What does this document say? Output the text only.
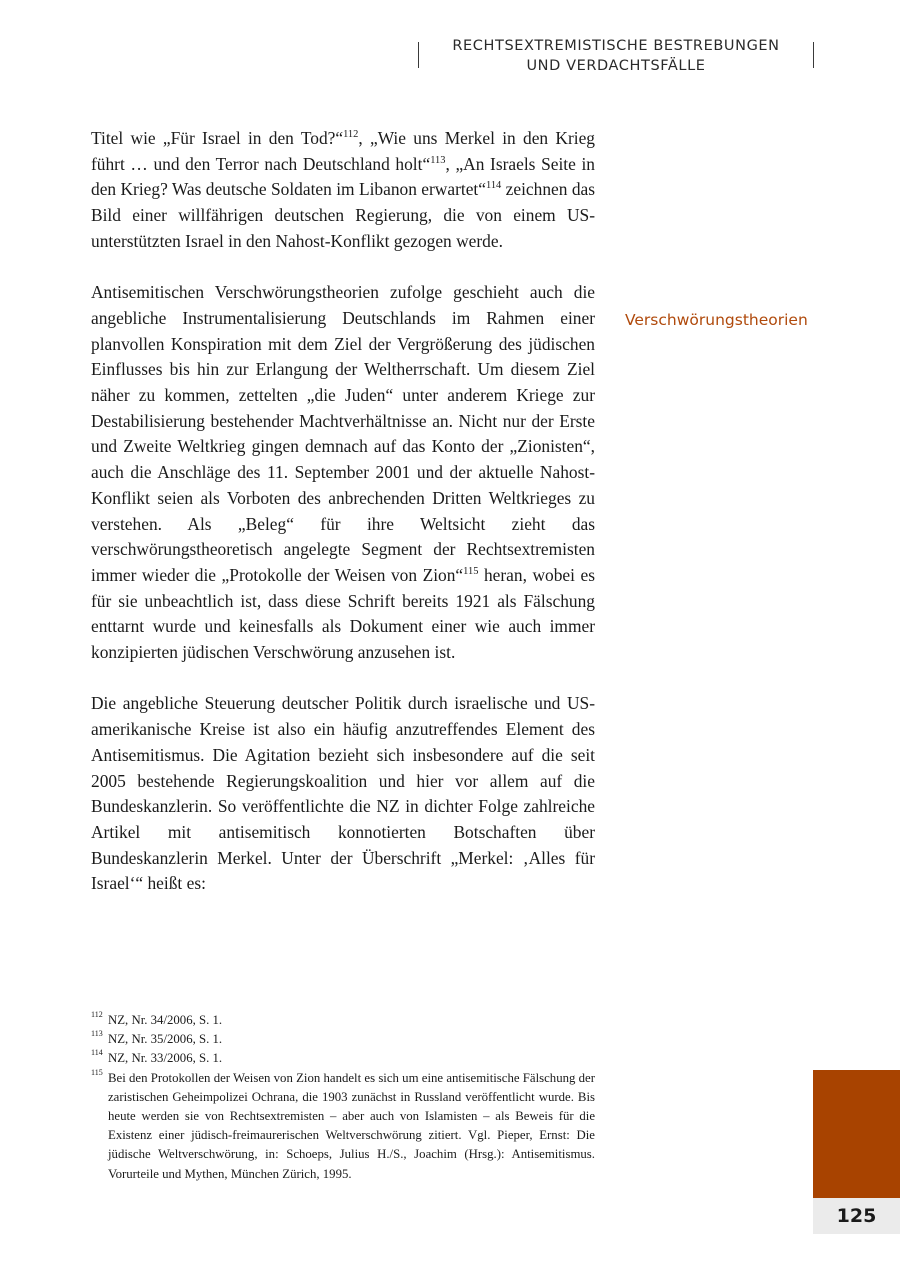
RECHTSEXTREMISTISCHE BESTREBUNGEN
UND VERDACHTSFÄLLE

Titel wie „Für Israel in den Tod?“$^{112}$, „Wie uns Merkel in den Krieg führt … und den Terror nach Deutschland holt“$^{113}$, „An Israels Seite in den Krieg? Was deutsche Soldaten im Libanon erwartet“$^{114}$ zeichnen das Bild einer willfährigen deutschen Regierung, die von einem US-unterstützten Israel in den Nahost-Konflikt gezogen werde.

Antisemitischen Verschwörungstheorien zufolge geschieht auch die angebliche Instrumentalisierung Deutschlands im Rahmen einer planvollen Konspiration mit dem Ziel der Vergrößerung des jüdischen Einflusses bis hin zur Erlangung der Weltherrschaft. Um diesem Ziel näher zu kommen, zettelten „die Juden“ unter anderem Kriege zur Destabilisierung bestehender Machtverhältnisse an. Nicht nur der Erste und Zweite Weltkrieg gingen demnach auf das Konto der „Zionisten“, auch die Anschläge des 11. September 2001 und der aktuelle Nahost-Konflikt seien als Vorboten des anbrechenden Dritten Weltkrieges zu verstehen. Als „Beleg“ für ihre Weltsicht zieht das verschwörungstheoretisch angelegte Segment der Rechtsextremisten immer wieder die „Protokolle der Weisen von Zion“$^{115}$ heran, wobei es für sie unbeachtlich ist, dass diese Schrift bereits 1921 als Fälschung enttarnt wurde und keinesfalls als Dokument einer wie auch immer konzipierten jüdischen Verschwörung anzusehen ist.

Die angebliche Steuerung deutscher Politik durch israelische und US-amerikanische Kreise ist also ein häufig anzutreffendes Element des Antisemitismus. Die Agitation bezieht sich insbesondere auf die seit 2005 bestehende Regierungskoalition und hier vor allem auf die Bundeskanzlerin. So veröffentlichte die NZ in dichter Folge zahlreiche Artikel mit antisemitisch konnotierten Botschaften über Bundeskanzlerin Merkel. Unter der Überschrift „Merkel: ‚Alles für Israel‘“ heißt es:

Verschwörungstheorien
112 NZ, Nr. 34/2006, S. 1.
113 NZ, Nr. 35/2006, S. 1.
114 NZ, Nr. 33/2006, S. 1.
115 Bei den Protokollen der Weisen von Zion handelt es sich um eine antisemitische Fälschung der zaristischen Geheimpolizei Ochrana, die 1903 zunächst in Russland veröffentlicht wurde. Bis heute werden sie von Rechtsextremisten – aber auch von Islamisten – als Beweis für die Existenz einer jüdisch-freimaurerischen Weltverschwörung zitiert. Vgl. Pieper, Ernst: Die jüdische Weltverschwörung, in: Schoeps, Julius H./S., Joachim (Hrsg.): Antisemitismus. Vorurteile und Mythen, München Zürich, 1995.
125
